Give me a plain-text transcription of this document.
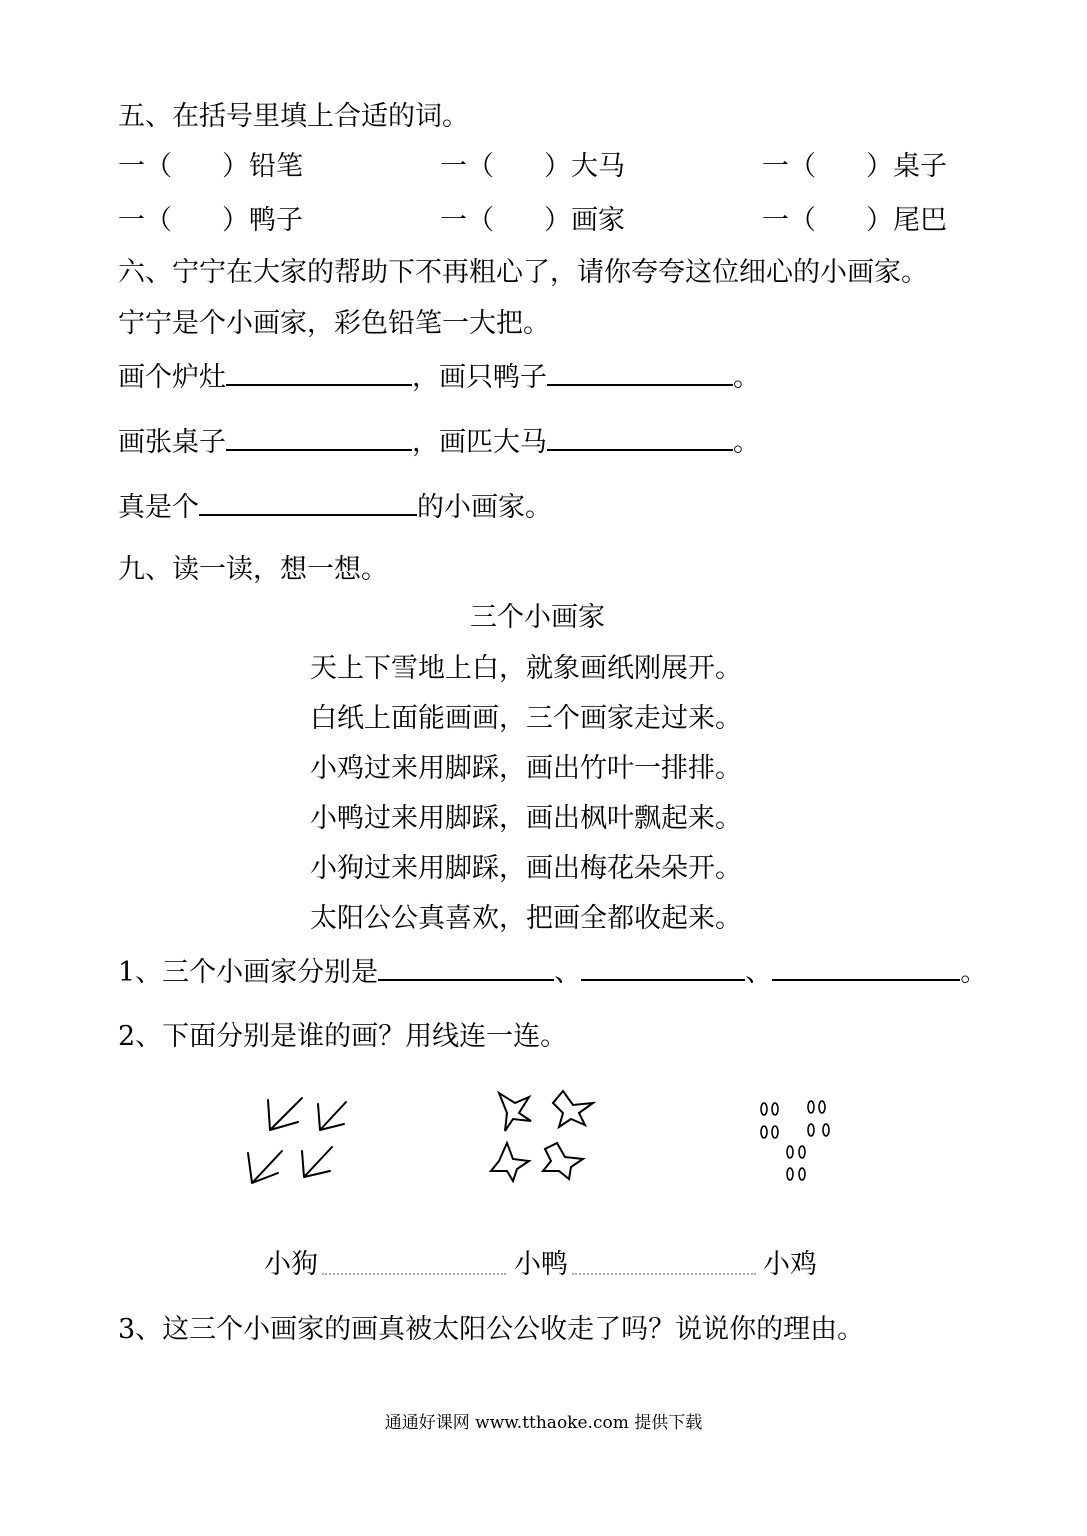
五、在括号里填上合适的词。
一（ ）铅笔	一（ ）大马	一（ ）桌子
一（ ）鸭子	一（ ）画家	一（ ）尾巴
六、宁宁在大家的帮助下不再粗心了，请你夸夸这位细心的小画家。
宁宁是个小画家，彩色铅笔一大把。
画个炉灶	，画只鸭子	。
画张桌子	，画匹大马	。
真是个	的小画家。
九、读一读，想一想。
三个小画家
天上下雪地上白，就象画纸刚展开。
白纸上面能画画，三个画家走过来。
小鸡过来用脚踩，画出竹叶一排排。
小鸭过来用脚踩，画出枫叶飘起来。
小狗过来用脚踩，画出梅花朵朵开。
太阳公公真喜欢，把画全都收起来。
1、三个小画家分别是	、	、	。
2、下面分别是谁的画？用线连一连。
小狗	小鸭	小鸡
3、这三个小画家的画真被太阳公公收走了吗？说说你的理由。
通通好课网 www.tthaoke.com 提供下载
